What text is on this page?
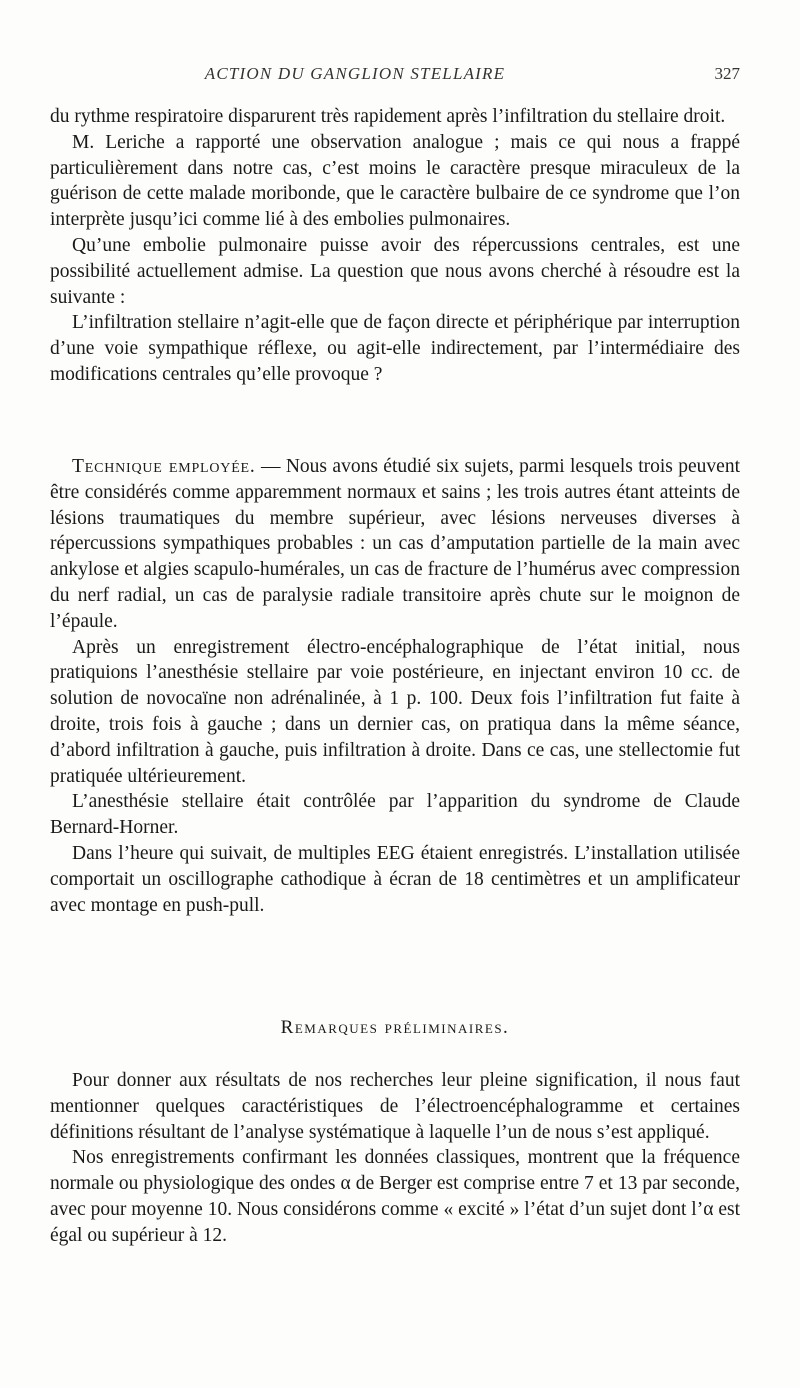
ACTION DU GANGLION STELLAIRE	327

du rythme respiratoire disparurent très rapidement après l’infiltration du stellaire droit.

M. Leriche a rapporté une observation analogue ; mais ce qui nous a frappé particulièrement dans notre cas, c’est moins le caractère presque miraculeux de la guérison de cette malade moribonde, que le caractère bulbaire de ce syndrome que l’on interprète jusqu’ici comme lié à des embolies pulmonaires.

Qu’une embolie pulmonaire puisse avoir des répercussions centrales, est une possibilité actuellement admise. La question que nous avons cherché à résoudre est la suivante :

L’infiltration stellaire n’agit-elle que de façon directe et périphérique par interruption d’une voie sympathique réflexe, ou agit-elle indirectement, par l’intermédiaire des modifications centrales qu’elle provoque ?

Technique employée. — Nous avons étudié six sujets, parmi lesquels trois peuvent être considérés comme apparemment normaux et sains ; les trois autres étant atteints de lésions traumatiques du membre supérieur, avec lésions nerveuses diverses à répercussions sympathiques probables : un cas d’amputation partielle de la main avec ankylose et algies scapulo-humérales, un cas de fracture de l’humérus avec compression du nerf radial, un cas de paralysie radiale transitoire après chute sur le moignon de l’épaule.

Après un enregistrement électro-encéphalographique de l’état initial, nous pratiquions l’anesthésie stellaire par voie postérieure, en injectant environ 10 cc. de solution de novocaïne non adrénalinée, à 1 p. 100. Deux fois l’infiltration fut faite à droite, trois fois à gauche ; dans un dernier cas, on pratiqua dans la même séance, d’abord infiltration à gauche, puis infiltration à droite. Dans ce cas, une stellectomie fut pratiquée ultérieurement.

L’anesthésie stellaire était contrôlée par l’apparition du syndrome de Claude Bernard-Horner.

Dans l’heure qui suivait, de multiples EEG étaient enregistrés. L’installation utilisée comportait un oscillographe cathodique à écran de 18 centimètres et un amplificateur avec montage en push-pull.

Remarques préliminaires.

Pour donner aux résultats de nos recherches leur pleine signification, il nous faut mentionner quelques caractéristiques de l’électroencéphalogramme et certaines définitions résultant de l’analyse systématique à laquelle l’un de nous s’est appliqué.

Nos enregistrements confirmant les données classiques, montrent que la fréquence normale ou physiologique des ondes α de Berger est comprise entre 7 et 13 par seconde, avec pour moyenne 10. Nous considérons comme « excité » l’état d’un sujet dont l’α est égal ou supérieur à 12.
